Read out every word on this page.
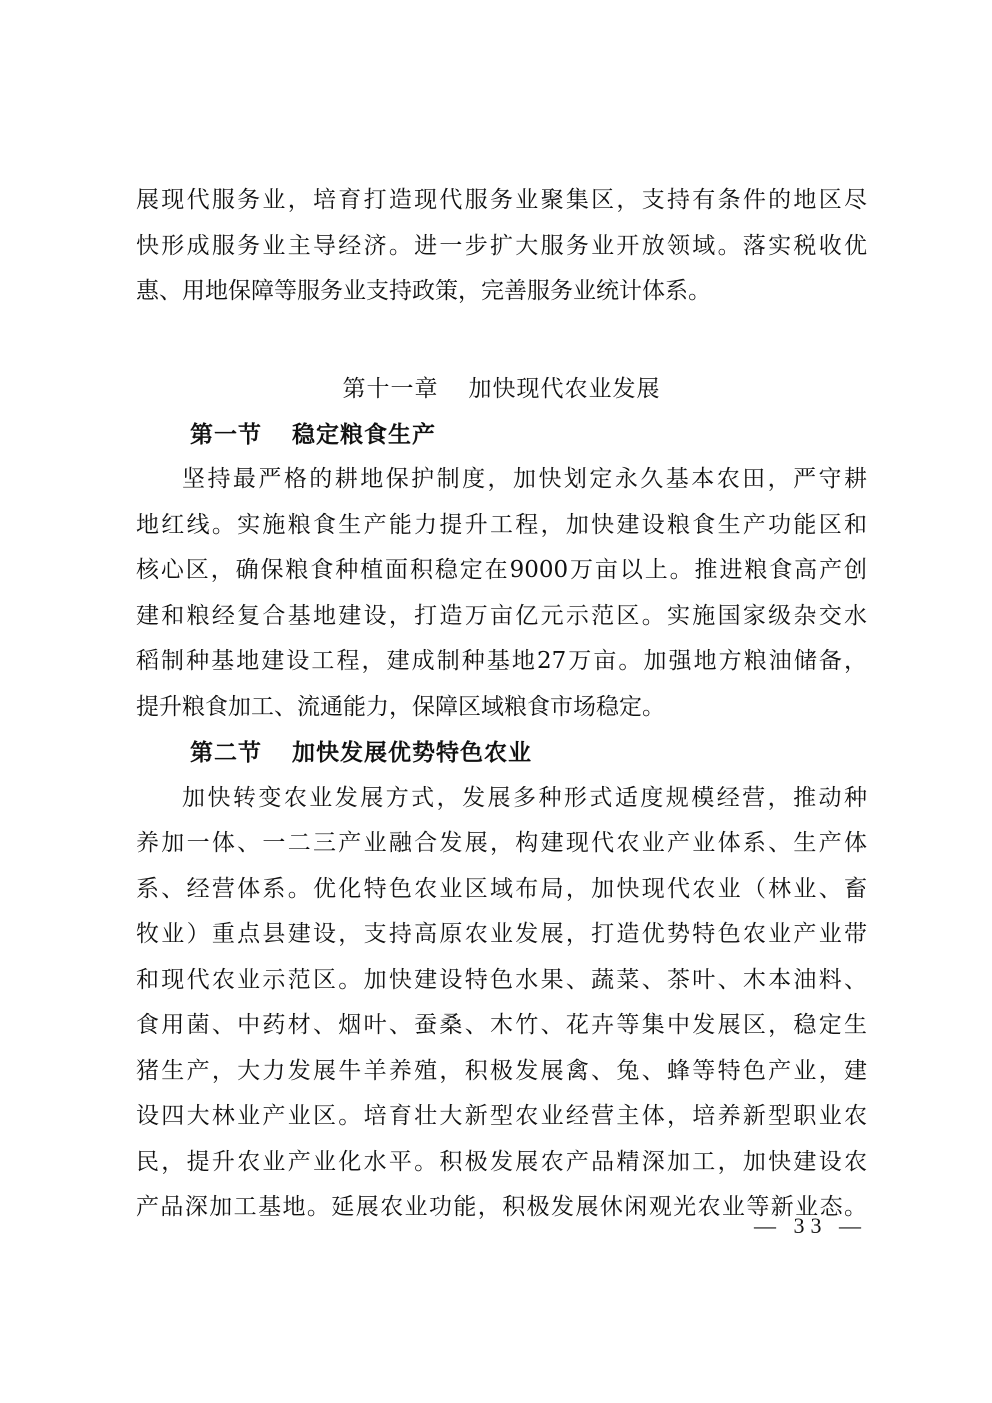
展现代服务业，培育打造现代服务业聚集区，支持有条件的地区尽
快形成服务业主导经济。进一步扩大服务业开放领域。落实税收优
惠、用地保障等服务业支持政策，完善服务业统计体系。
第十一章 加快现代农业发展
第一节 稳定粮食生产
坚持最严格的耕地保护制度，加快划定永久基本农田，严守耕
地红线。实施粮食生产能力提升工程，加快建设粮食生产功能区和
核心区，确保粮食种植面积稳定在9000万亩以上。推进粮食高产创
建和粮经复合基地建设，打造万亩亿元示范区。实施国家级杂交水
稻制种基地建设工程，建成制种基地27万亩。加强地方粮油储备，
提升粮食加工、流通能力，保障区域粮食市场稳定。
第二节 加快发展优势特色农业
加快转变农业发展方式，发展多种形式适度规模经营，推动种
养加一体、一二三产业融合发展，构建现代农业产业体系、生产体
系、经营体系。优化特色农业区域布局，加快现代农业（林业、畜
牧业）重点县建设，支持高原农业发展，打造优势特色农业产业带
和现代农业示范区。加快建设特色水果、蔬菜、茶叶、木本油料、
食用菌、中药材、烟叶、蚕桑、木竹、花卉等集中发展区，稳定生
猪生产，大力发展牛羊养殖，积极发展禽、兔、蜂等特色产业，建
设四大林业产业区。培育壮大新型农业经营主体，培养新型职业农
民，提升农业产业化水平。积极发展农产品精深加工，加快建设农
产品深加工基地。延展农业功能，积极发展休闲观光农业等新业态。
— 33 —
